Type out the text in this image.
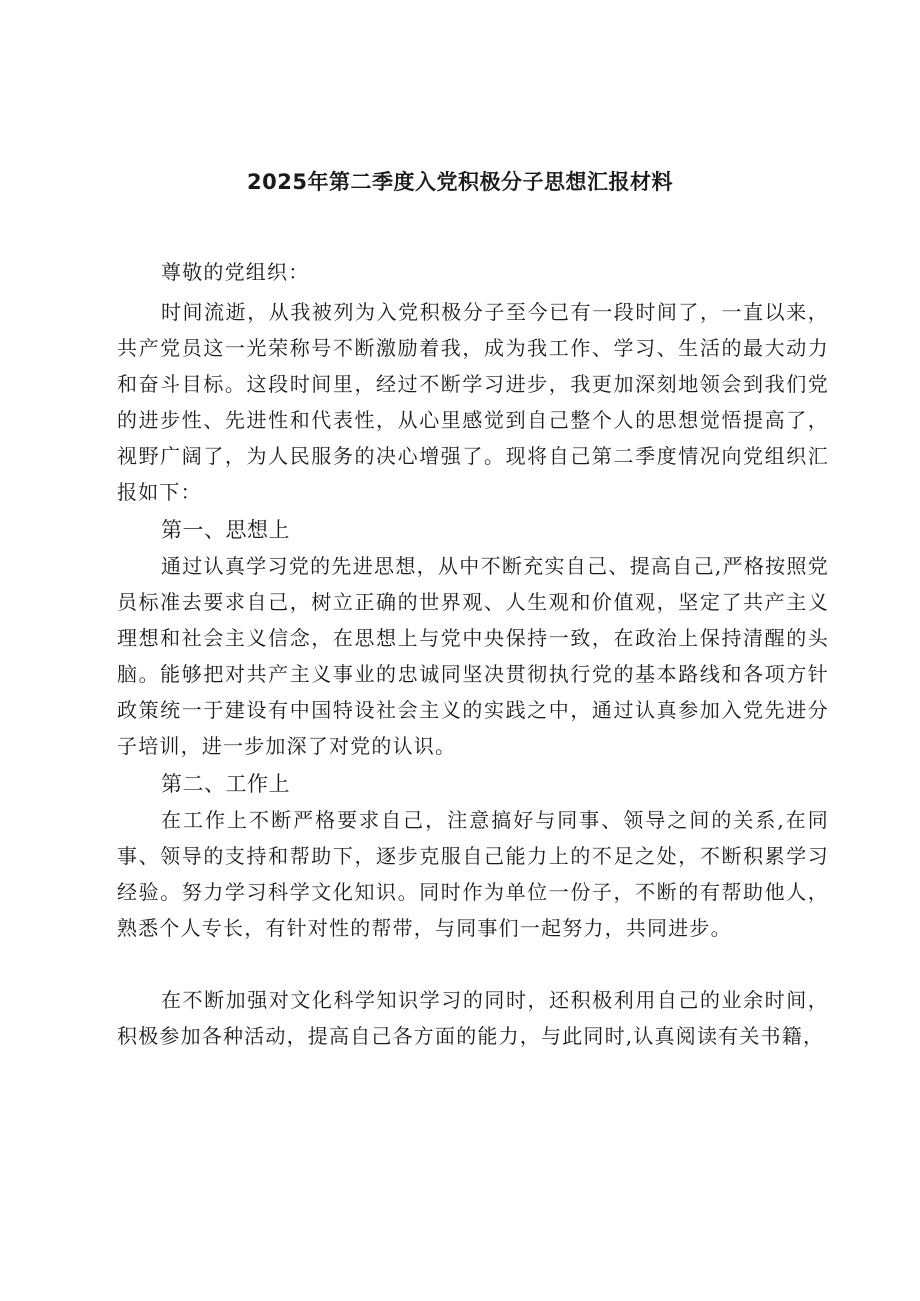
2025年第二季度入党积极分子思想汇报材料

尊敬的党组织：

时间流逝，从我被列为入党积极分子至今已有一段时间了，一直以来，共产党员这一光荣称号不断激励着我，成为我工作、学习、生活的最大动力和奋斗目标。这段时间里，经过不断学习进步，我更加深刻地领会到我们党的进步性、先进性和代表性，从心里感觉到自己整个人的思想觉悟提高了，视野广阔了，为人民服务的决心增强了。现将自己第二季度情况向党组织汇报如下：

第一、思想上

通过认真学习党的先进思想，从中不断充实自己、提高自己,严格按照党员标准去要求自己，树立正确的世界观、人生观和价值观，坚定了共产主义理想和社会主义信念，在思想上与党中央保持一致，在政治上保持清醒的头脑。能够把对共产主义事业的忠诚同坚决贯彻执行党的基本路线和各项方针政策统一于建设有中国特设社会主义的实践之中，通过认真参加入党先进分子培训，进一步加深了对党的认识。

第二、工作上

在工作上不断严格要求自己，注意搞好与同事、领导之间的关系,在同事、领导的支持和帮助下，逐步克服自己能力上的不足之处，不断积累学习经验。努力学习科学文化知识。同时作为单位一份子，不断的有帮助他人，熟悉个人专长，有针对性的帮带，与同事们一起努力，共同进步。

在不断加强对文化科学知识学习的同时，还积极利用自己的业余时间，积极参加各种活动，提高自己各方面的能力，与此同时,认真阅读有关书籍，
